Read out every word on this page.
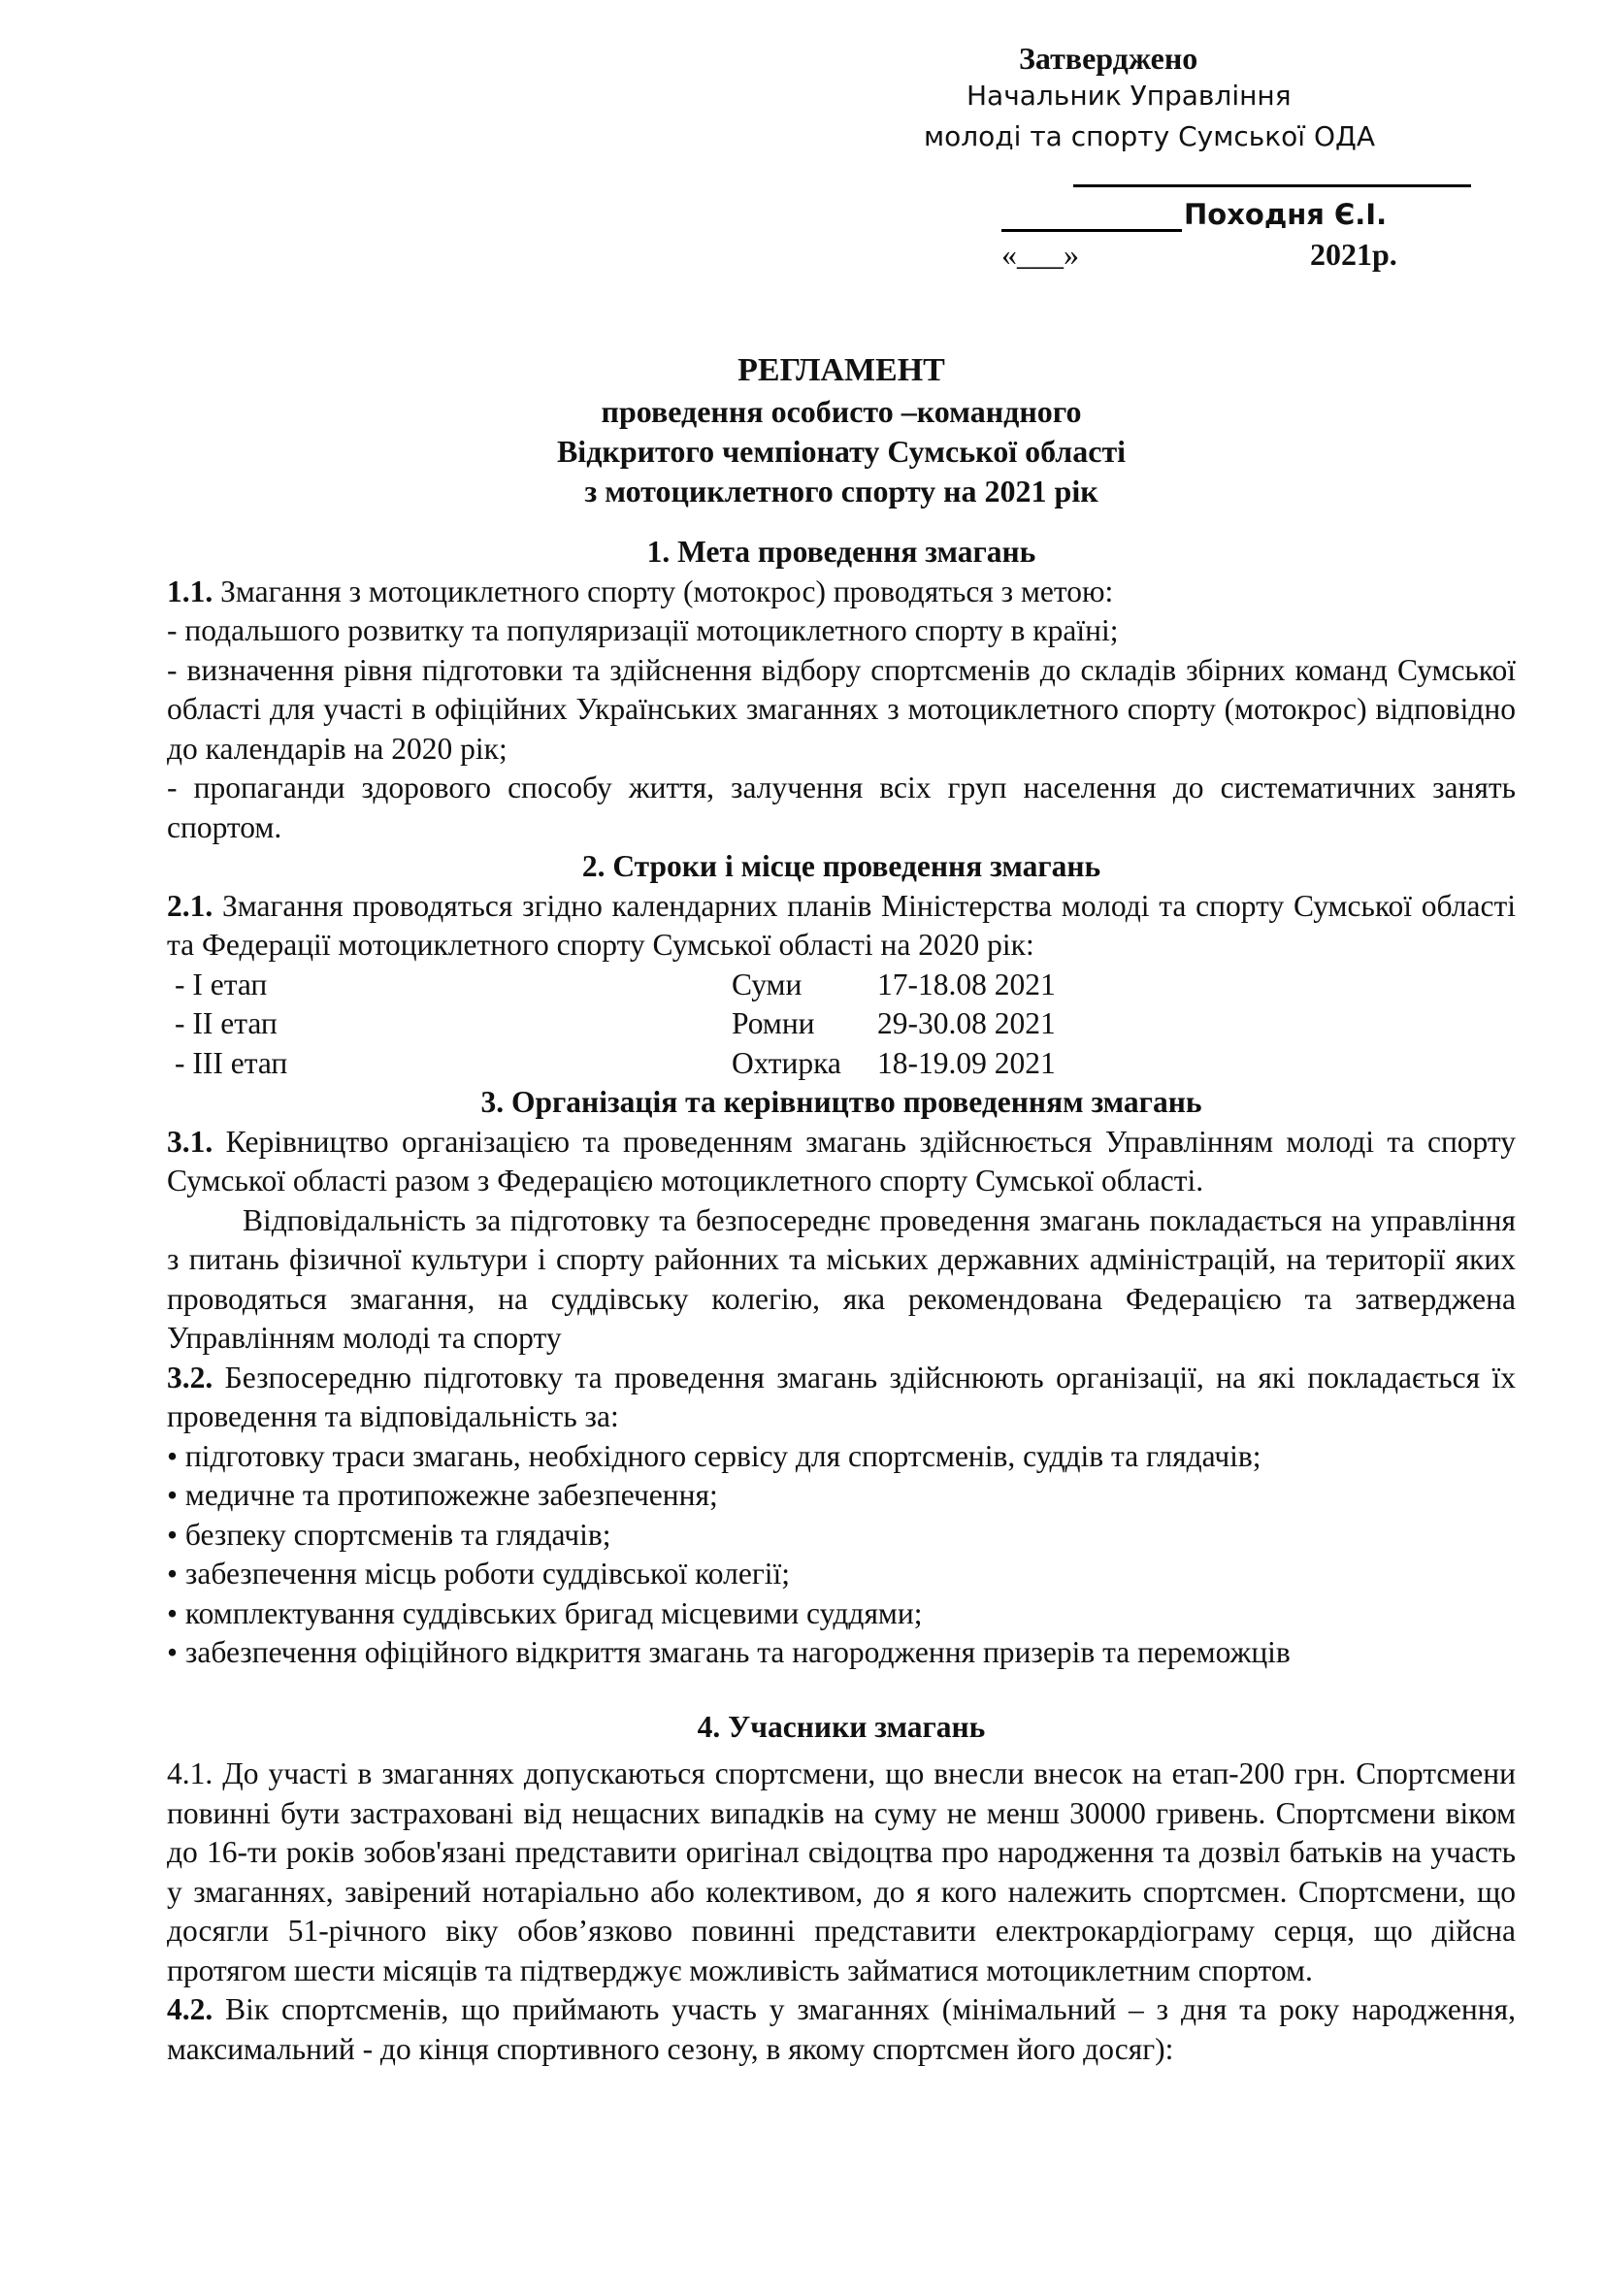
Затверджено
Начальник Управління
молоді та спорту Сумської ОДА
Походня Є.І.
«___»	2021р.
РЕГЛАМЕНТ
проведення особисто –командного
Відкритого чемпіонату Сумської області
з мотоциклетного спорту на 2021 рік
1. Мета проведення змагань

1.1. Змагання з мотоциклетного спорту (мотокрос) проводяться з метою:

- подальшого розвитку та популяризації мотоциклетного спорту в країні;

- визначення рівня підготовки та здійснення відбору спортсменів до складів збірних команд Сумської області для участі в офіційних Українських змаганнях з мотоциклетного спорту (мотокрос) відповідно до календарів на 2020 рік;

- пропаганди здорового способу життя, залучення всіх груп населення до систематичних занять спортом.

2. Строки і місце проведення змагань

2.1. Змагання проводяться згідно календарних планів Міністерства молоді та спорту Сумської області та Федерації мотоциклетного спорту Сумської області на 2020 рік:

- І етап	Суми	17-18.08 2021
- ІІ етап	Ромни	29-30.08 2021
- ІІІ етап	Охтирка	18-19.09 2021
3. Організація та керівництво проведенням змагань

3.1. Керівництво організацією та проведенням змагань здійснюється Управлінням молоді та спорту Сумської області разом з Федерацією мотоциклетного спорту Сумської області.

Відповідальність за підготовку та безпосереднє проведення змагань покладається на управління з питань фізичної культури і спорту районних та міських державних адміністрацій, на території яких проводяться змагання, на суддівську колегію, яка рекомендована Федерацією та затверджена Управлінням молоді та спорту

3.2. Безпосередню підготовку та проведення змагань здійснюють організації, на які покладається їх проведення та відповідальність за:

• підготовку траси змагань, необхідного сервісу для спортсменів, суддів та глядачів;

• медичне та протипожежне забезпечення;

• безпеку спортсменів та глядачів;

• забезпечення місць роботи суддівської колегії;

• комплектування суддівських бригад місцевими суддями;

• забезпечення офіційного відкриття змагань та нагородження призерів та переможців

4. Учасники змагань

4.1. До участі в змаганнях допускаються спортсмени, що внесли внесок на етап-200 грн. Спортсмени повинні бути застраховані від нещасних випадків на суму не менш 30000 гривень. Спортсмени віком до 16-ти років зобов'язані представити оригінал свідоцтва про народження та дозвіл батьків на участь у змаганнях, завірений нотаріально або колективом, до я кого належить спортсмен. Спортсмени, що досягли 51-річного віку обов’язково повинні представити електрокардіограму серця, що дійсна протягом шести місяців та підтверджує можливість займатися мотоциклетним спортом.

4.2. Вік спортсменів, що приймають участь у змаганнях (мінімальний – з дня та року народження, максимальний - до кінця спортивного сезону, в якому спортсмен його досяг):
